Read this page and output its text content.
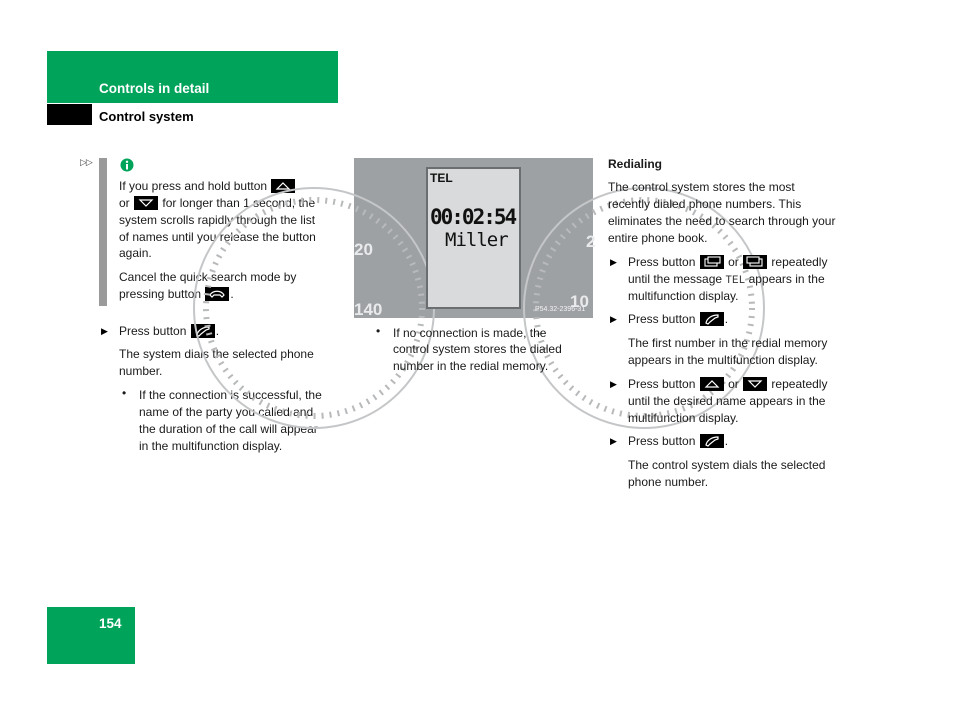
Controls in detail
Control system
▷▷
If you press and hold button
or	for longer than 1 second, the
system scrolls rapidly through the list
of names until you release the button
again.
Cancel the quick search mode by
pressing button .
▶ Press button .
The system dials the selected phone
number.
• If the connection is successful, the
name of the party you called and
the duration of the call will appear
in the multifunction display.
20
140
2
10
P54.32-2396-31
TEL
00:02:54
Miller
• If no connection is made, the
control system stores the dialed
number in the redial memory.
Redialing
The control system stores the most
recently dialed phone numbers. This
eliminates the need to search through your
entire phone book.
▶ Press button	or	repeatedly
until the message TEL appears in the
multifunction display.
▶ Press button .
The first number in the redial memory
appears in the multifunction display.
▶ Press button	or	repeatedly
until the desired name appears in the
multifunction display.
▶ Press button .
The control system dials the selected
phone number.
154
